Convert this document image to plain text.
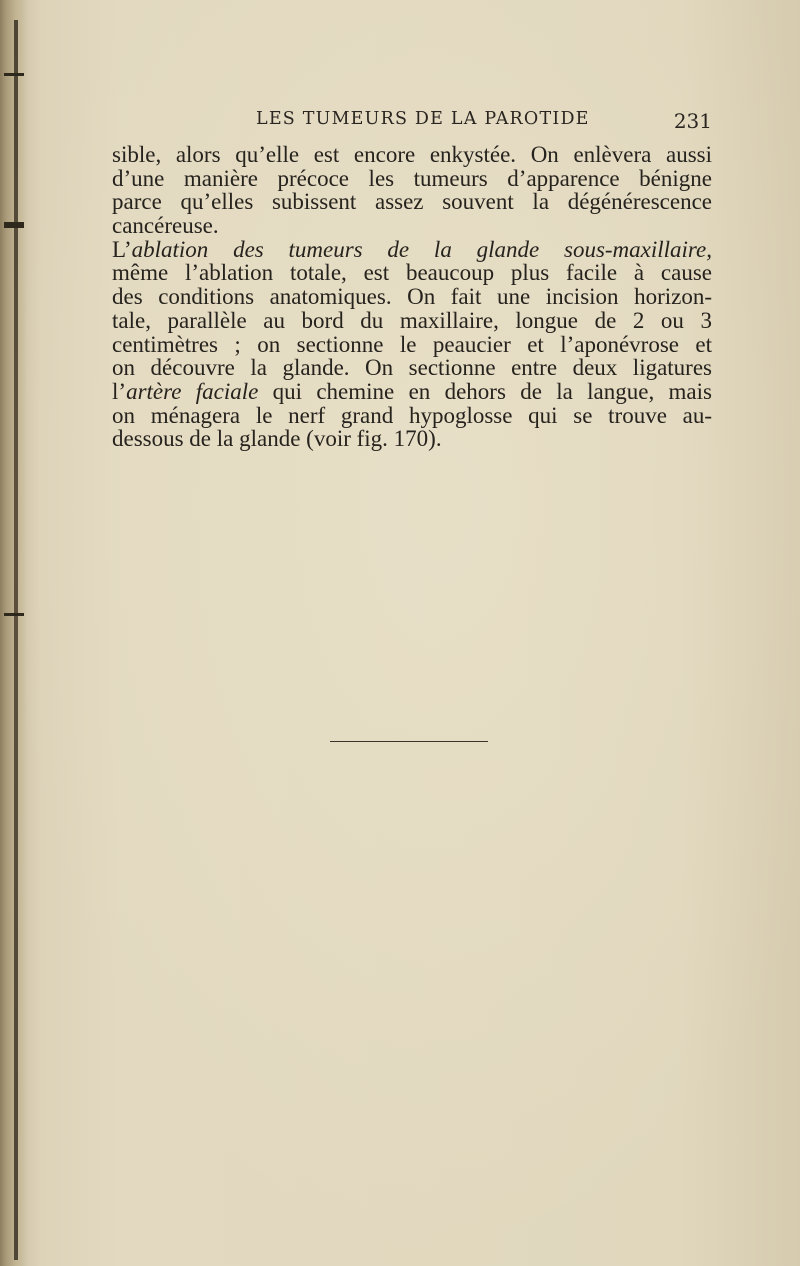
LES TUMEURS DE LA PAROTIDE	231
sible, alors qu’elle est encore enkystée. On enlèvera aussi
d’une manière précoce les tumeurs d’apparence bénigne
parce qu’elles subissent assez souvent la dégénérescence
cancéreuse.
L’ablation des tumeurs de la glande sous-maxillaire,
même l’ablation totale, est beaucoup plus facile à cause
des conditions anatomiques. On fait une incision horizon-
tale, parallèle au bord du maxillaire, longue de 2 ou 3
centimètres ; on sectionne le peaucier et l’aponévrose et
on découvre la glande. On sectionne entre deux ligatures
l’artère faciale qui chemine en dehors de la langue, mais
on ménagera le nerf grand hypoglosse qui se trouve au-
dessous de la glande (voir fig. 170).
